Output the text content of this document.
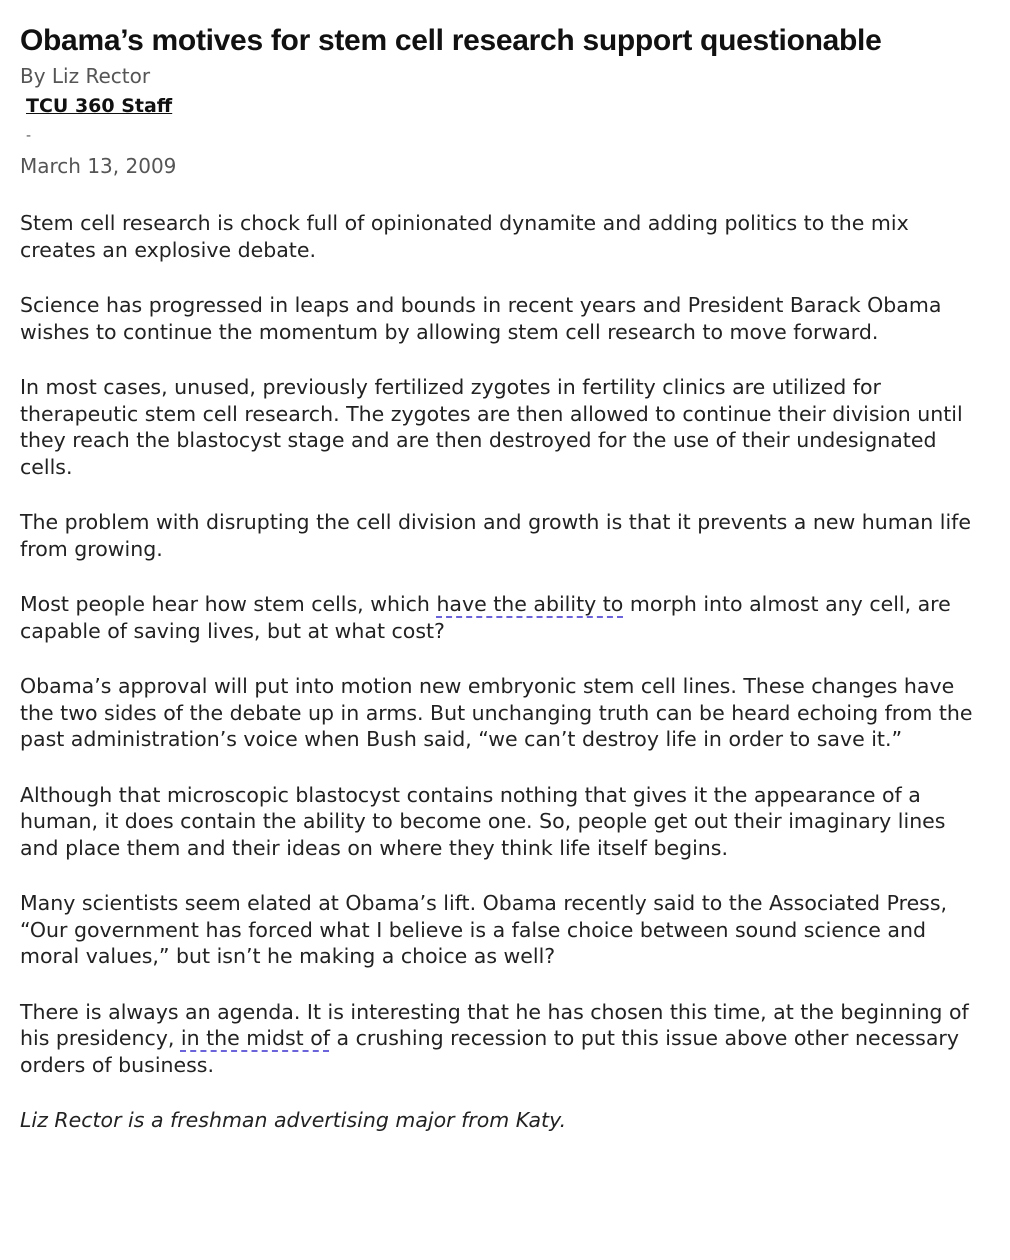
Obama’s motives for stem cell research support questionable
By Liz Rector
TCU 360 Staff
-
March 13, 2009

Stem cell research is chock full of opinionated dynamite and adding politics to the mix creates an explosive debate.

Science has progressed in leaps and bounds in recent years and President Barack Obama wishes to continue the momentum by allowing stem cell research to move forward.

In most cases, unused, previously fertilized zygotes in fertility clinics are utilized for therapeutic stem cell research. The zygotes are then allowed to continue their division until they reach the blastocyst stage and are then destroyed for the use of their undesignated cells.

The problem with disrupting the cell division and growth is that it prevents a new human life from growing.

Most people hear how stem cells, which have the ability to morph into almost any cell, are capable of saving lives, but at what cost?

Obama’s approval will put into motion new embryonic stem cell lines. These changes have the two sides of the debate up in arms. But unchanging truth can be heard echoing from the past administration’s voice when Bush said, “we can’t destroy life in order to save it.”

Although that microscopic blastocyst contains nothing that gives it the appearance of a human, it does contain the ability to become one. So, people get out their imaginary lines and place them and their ideas on where they think life itself begins.

Many scientists seem elated at Obama’s lift. Obama recently said to the Associated Press, “Our government has forced what I believe is a false choice between sound science and moral values,” but isn’t he making a choice as well?

There is always an agenda. It is interesting that he has chosen this time, at the beginning of his presidency, in the midst of a crushing recession to put this issue above other necessary orders of business.

Liz Rector is a freshman advertising major from Katy.
